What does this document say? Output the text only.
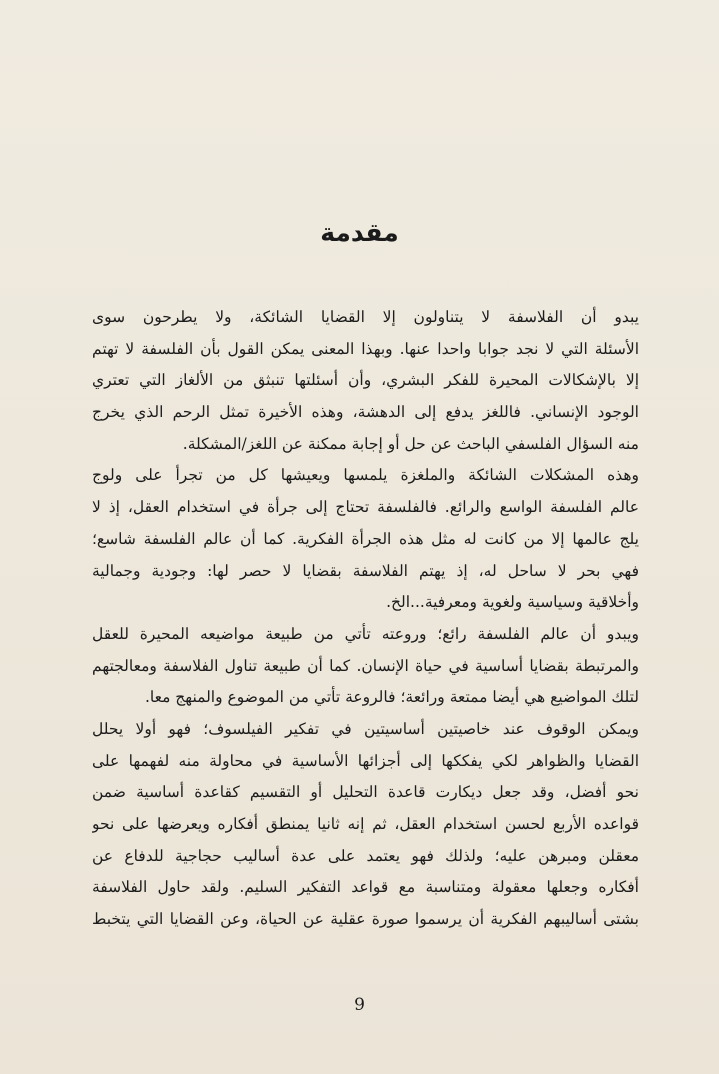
مقدمة
يبدو أن الفلاسفة لا يتناولون إلا القضايا الشائكة، ولا يطرحون سوى
الأسئلة التي لا نجد جوابا واحدا عنها. وبهذا المعنى يمكن القول بأن الفلسفة لا تهتم
إلا بالإشكالات المحيرة للفكر البشري، وأن أسئلتها تنبثق من الألغاز التي تعتري
الوجود الإنساني. فاللغز يدفع إلى الدهشة، وهذه الأخيرة تمثل الرحم الذي يخرج
منه السؤال الفلسفي الباحث عن حل أو إجابة ممكنة عن اللغز/المشكلة.
وهذه المشكلات الشائكة والملغزة يلمسها ويعيشها كل من تجرأ على ولوج
عالم الفلسفة الواسع والرائع. فالفلسفة تحتاج إلى جرأة في استخدام العقل، إذ لا
يلج عالمها إلا من كانت له مثل هذه الجرأة الفكرية. كما أن عالم الفلسفة شاسع؛
فهي بحر لا ساحل له، إذ يهتم الفلاسفة بقضايا لا حصر لها: وجودية وجمالية
وأخلاقية وسياسية ولغوية ومعرفية...الخ.
ويبدو أن عالم الفلسفة رائع؛ وروعته تأتي من طبيعة مواضيعه المحيرة للعقل
والمرتبطة بقضايا أساسية في حياة الإنسان. كما أن طبيعة تناول الفلاسفة ومعالجتهم
لتلك المواضيع هي أيضا ممتعة ورائعة؛ فالروعة تأتي من الموضوع والمنهج معا.
ويمكن الوقوف عند خاصيتين أساسيتين في تفكير الفيلسوف؛ فهو أولا يحلل
القضايا والظواهر لكي يفككها إلى أجزائها الأساسية في محاولة منه لفهمها على
نحو أفضل، وقد جعل ديكارت قاعدة التحليل أو التقسيم كقاعدة أساسية ضمن
قواعده الأربع لحسن استخدام العقل، ثم إنه ثانيا يمنطق أفكاره ويعرضها على نحو
معقلن ومبرهن عليه؛ ولذلك فهو يعتمد على عدة أساليب حجاجية للدفاع عن
أفكاره وجعلها معقولة ومتناسبة مع قواعد التفكير السليم. ولقد حاول الفلاسفة
بشتى أساليبهم الفكرية أن يرسموا صورة عقلية عن الحياة، وعن القضايا التي يتخبط
9
